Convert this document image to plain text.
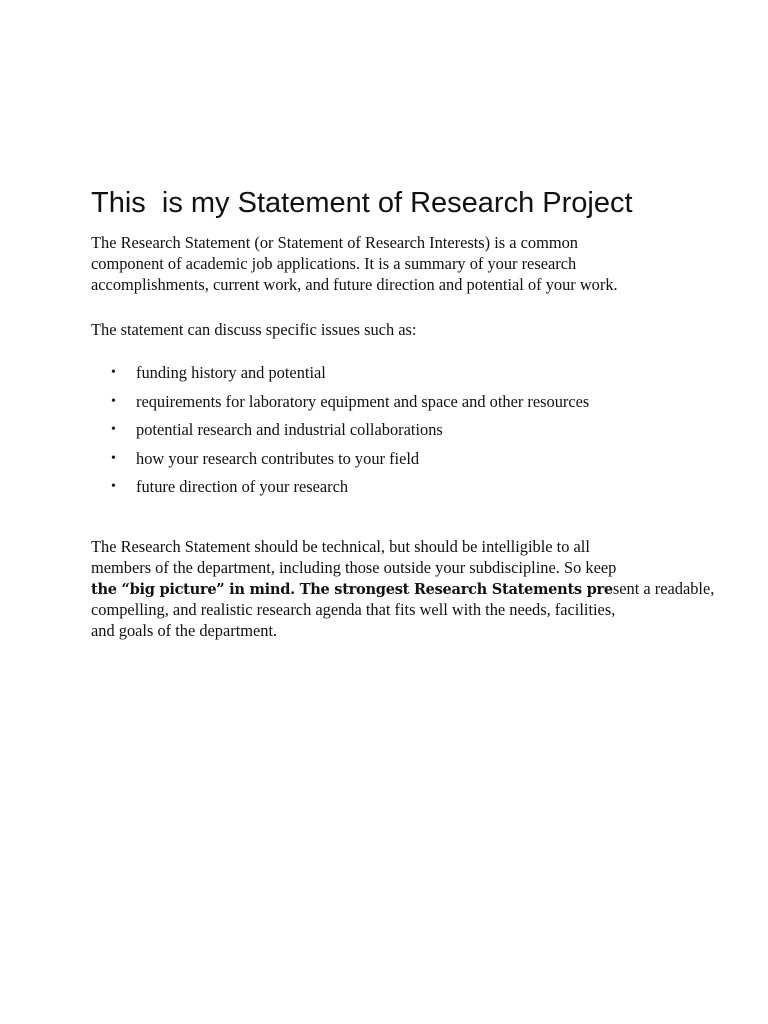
This  is my Statement of Research Project

The Research Statement (or Statement of Research Interests) is a common
component of academic job applications. It is a summary of your research
accomplishments, current work, and future direction and potential of your work.

The statement can discuss specific issues such as:

• funding history and potential
• requirements for laboratory equipment and space and other resources
• potential research and industrial collaborations
• how your research contributes to your field
• future direction of your research

The Research Statement should be technical, but should be intelligible to all
members of the department, including those outside your subdiscipline. So keep
the “big picture” in mind. The strongest Research Statements present a readable,
compelling, and realistic research agenda that fits well with the needs, facilities,
and goals of the department.
